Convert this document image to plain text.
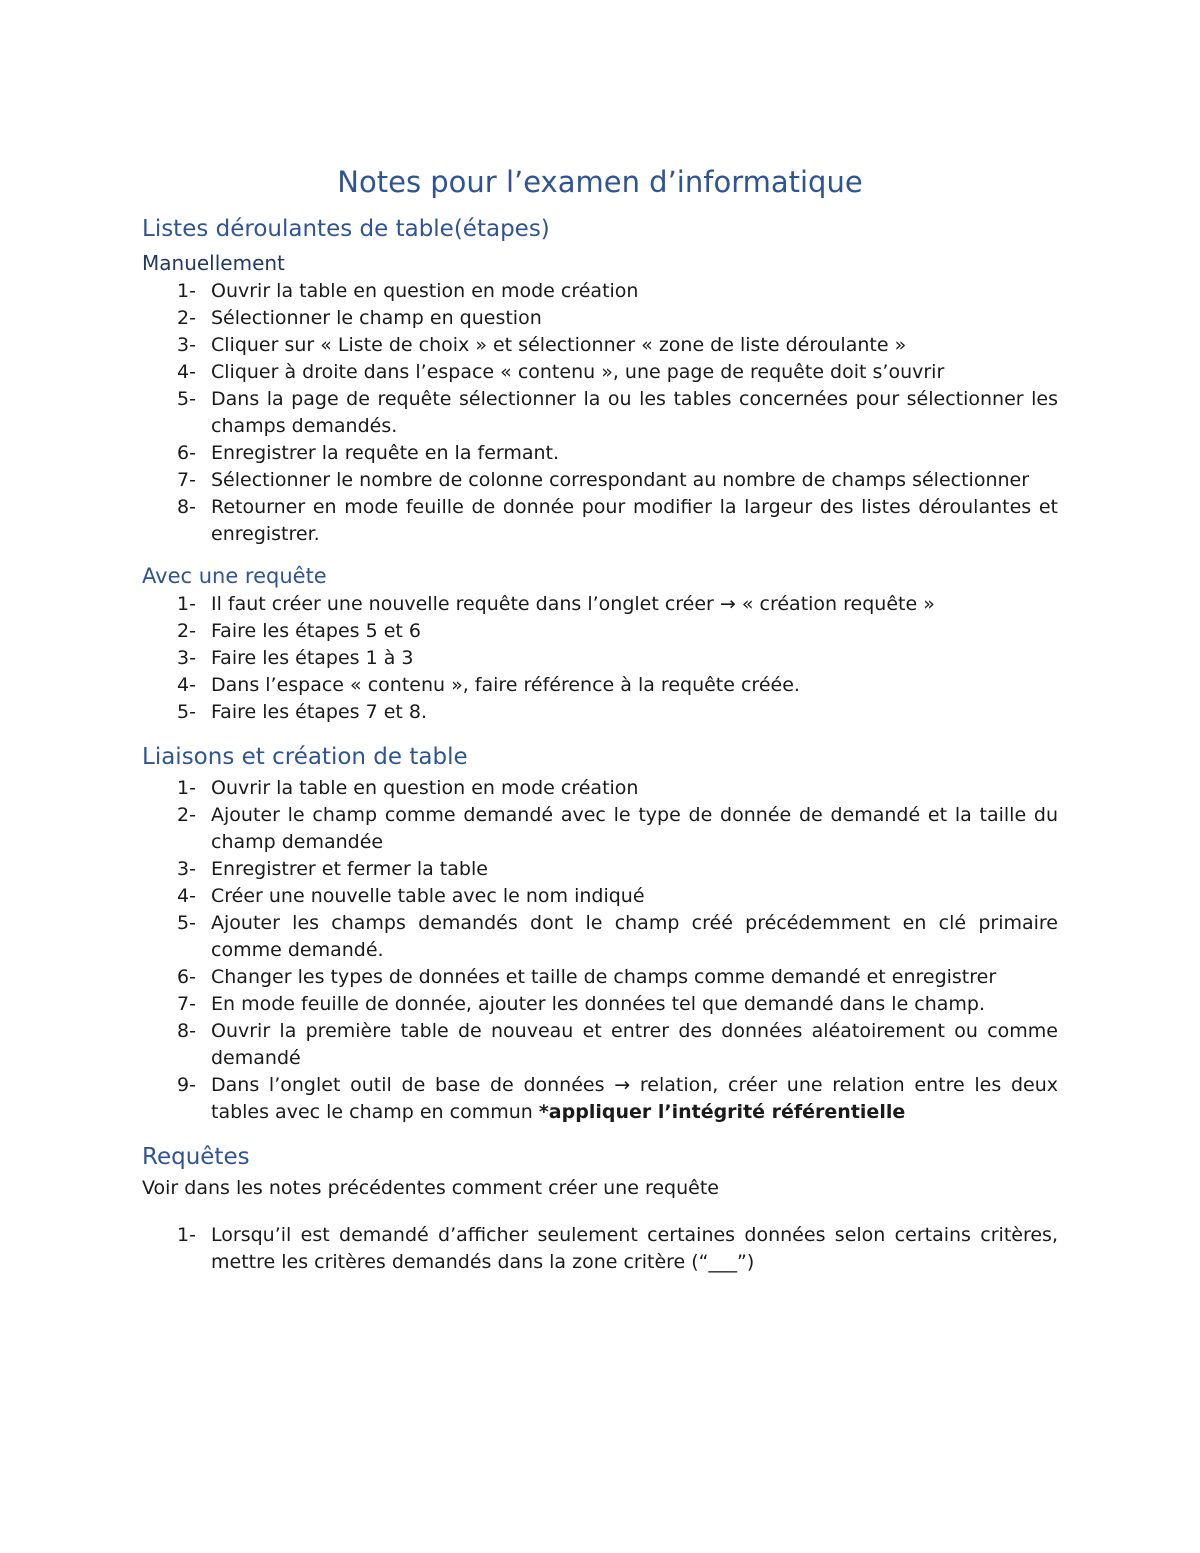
Notes pour l’examen d’informatique
Listes déroulantes de table(étapes)
Manuellement
1- Ouvrir la table en question en mode création
2- Sélectionner le champ en question
3- Cliquer sur « Liste de choix » et sélectionner « zone de liste déroulante »
4- Cliquer à droite dans l’espace « contenu », une page de requête doit s’ouvrir
5- Dans la page de requête sélectionner la ou les tables concernées pour sélectionner les champs demandés.
6- Enregistrer la requête en la fermant.
7- Sélectionner le nombre de colonne correspondant au nombre de champs sélectionner
8- Retourner en mode feuille de donnée pour modifier la largeur des listes déroulantes et enregistrer.
Avec une requête
1- Il faut créer une nouvelle requête dans l’onglet créer → « création requête »
2- Faire les étapes 5 et 6
3- Faire les étapes 1 à 3
4- Dans l’espace « contenu », faire référence à la requête créée.
5- Faire les étapes 7 et 8.
Liaisons et création de table
1- Ouvrir la table en question en mode création
2- Ajouter le champ comme demandé avec le type de donnée de demandé et la taille du champ demandée
3- Enregistrer et fermer la table
4- Créer une nouvelle table avec le nom indiqué
5- Ajouter les champs demandés dont le champ créé précédemment en clé primaire comme demandé.
6- Changer les types de données et taille de champs comme demandé et enregistrer
7- En mode feuille de donnée, ajouter les données tel que demandé dans le champ.
8- Ouvrir la première table de nouveau et entrer des données aléatoirement ou comme demandé
9- Dans l’onglet outil de base de données → relation, créer une relation entre les deux tables avec le champ en commun *appliquer l’intégrité référentielle
Requêtes

Voir dans les notes précédentes comment créer une requête

1- Lorsqu’il est demandé d’afficher seulement certaines données selon certains critères, mettre les critères demandés dans la zone critère (“___”)
